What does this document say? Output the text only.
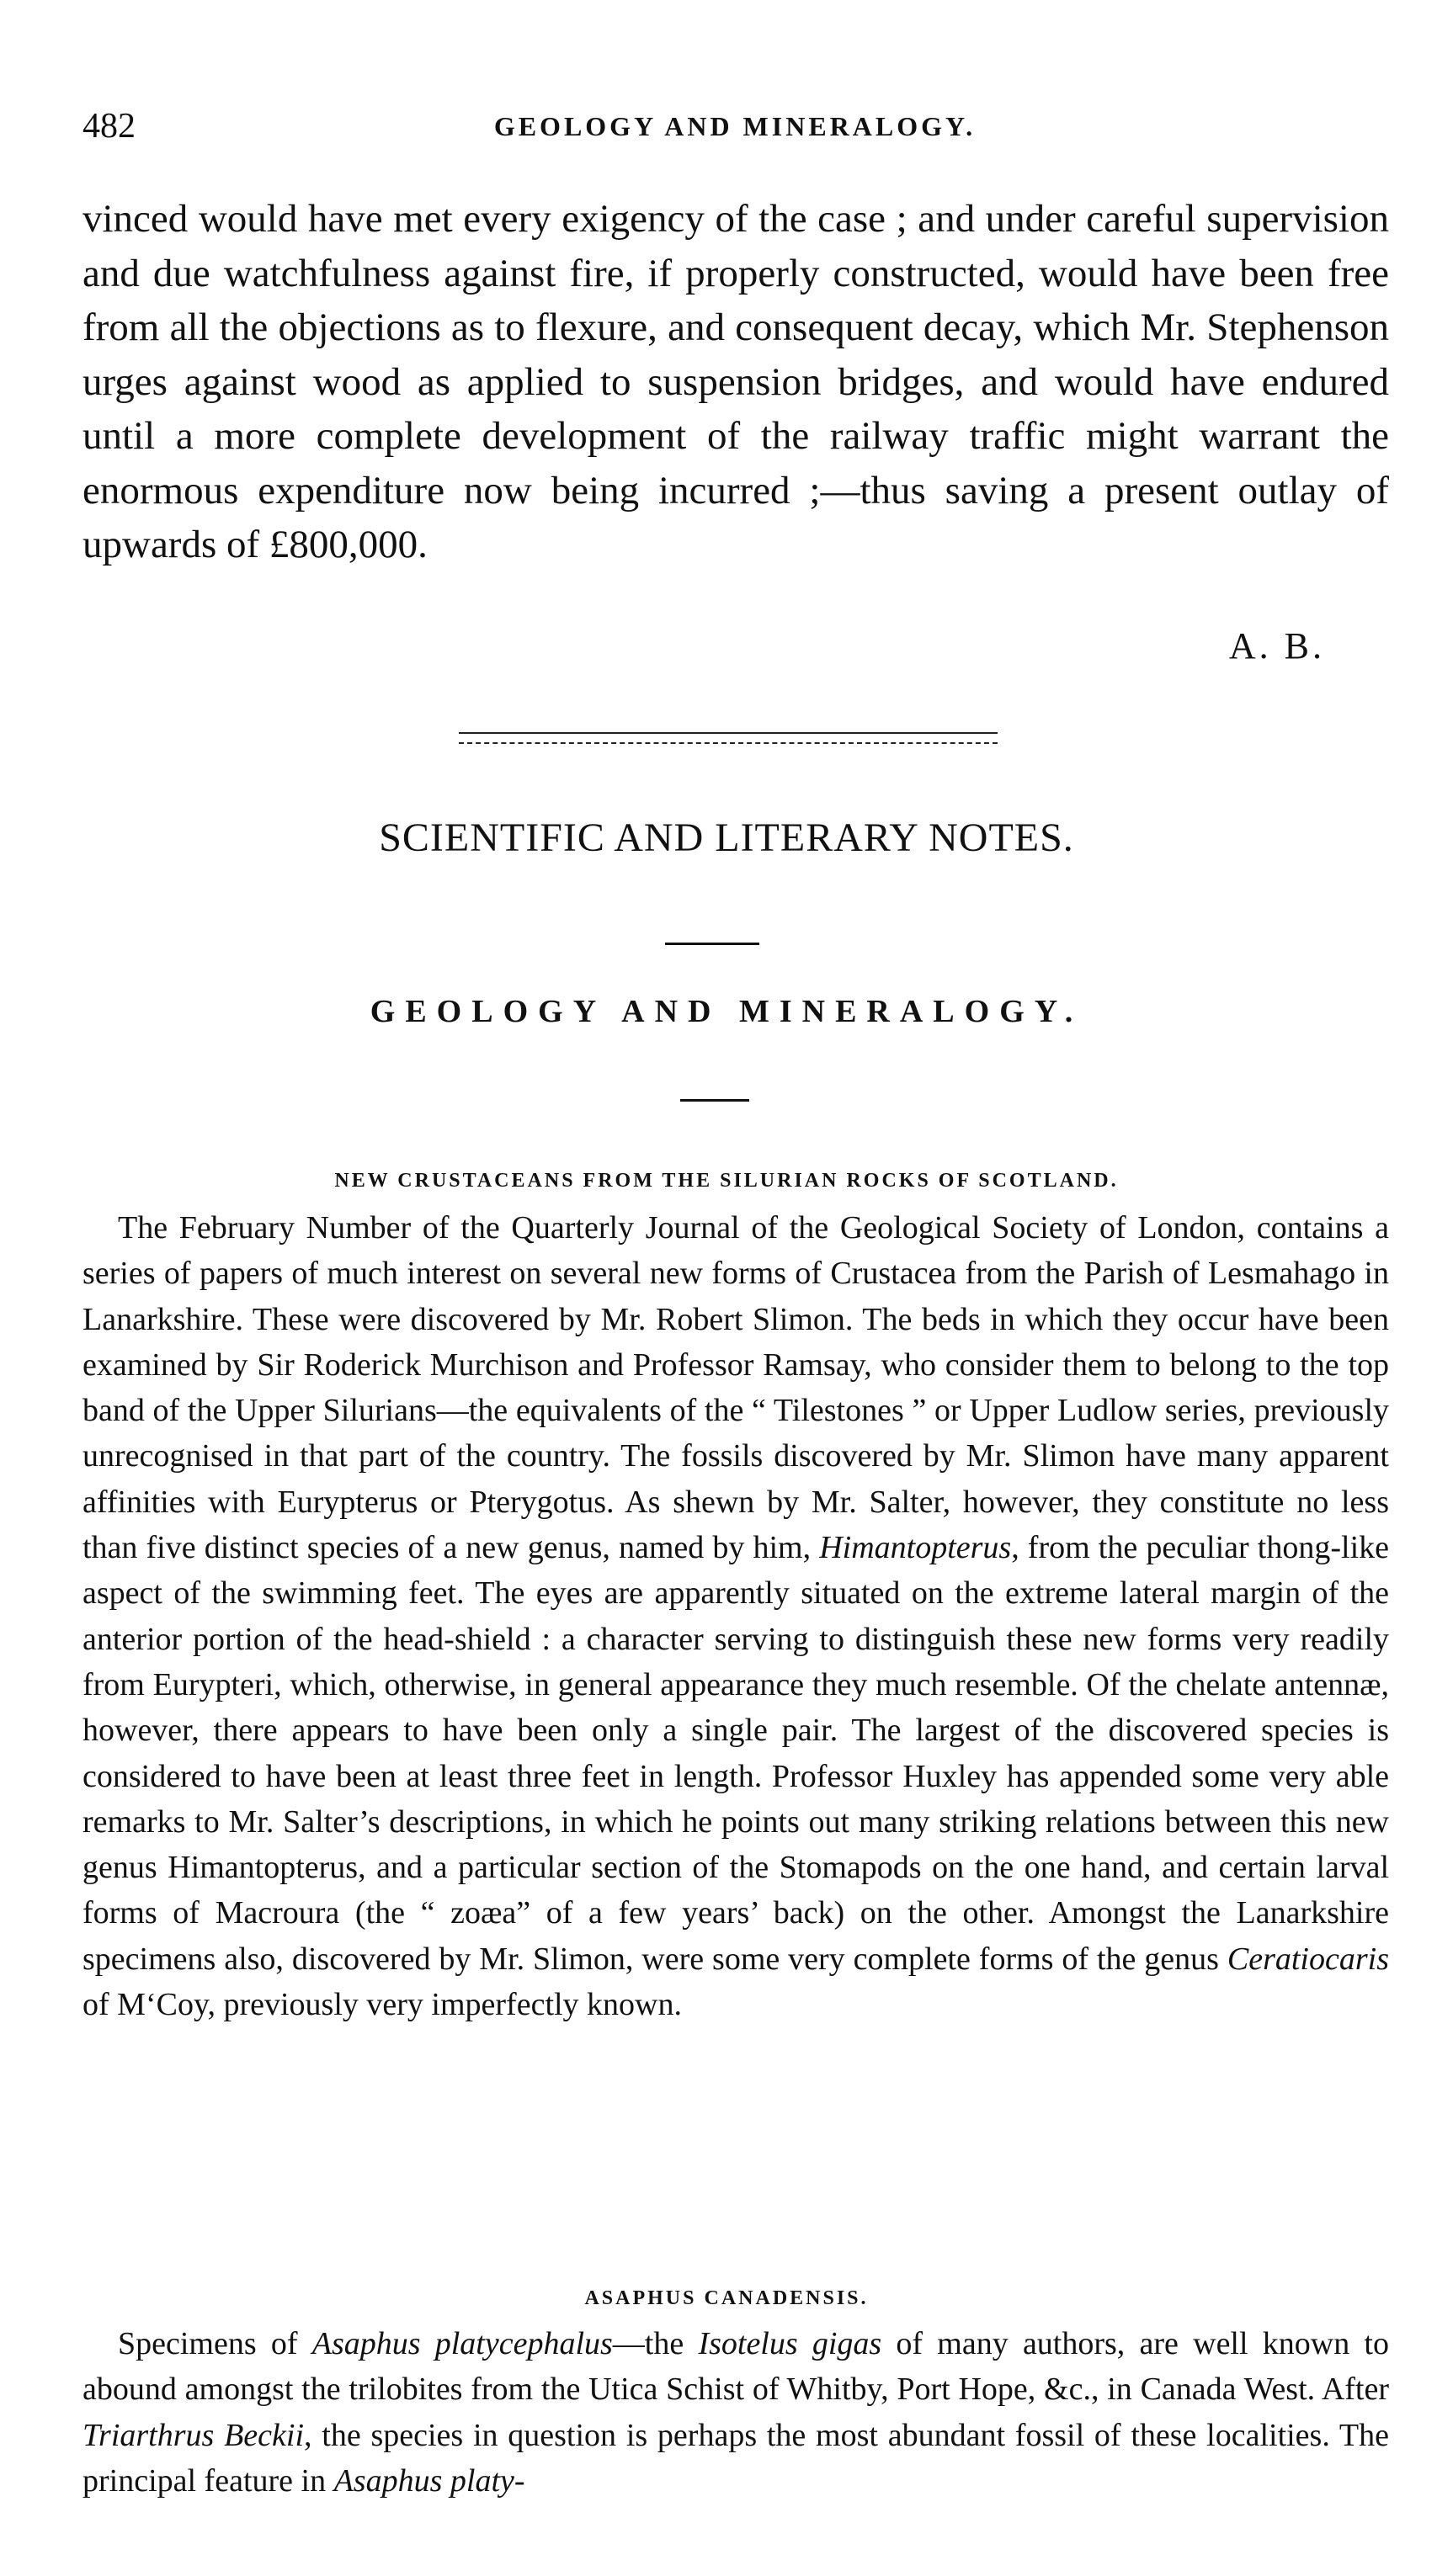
482	GEOLOGY AND MINERALOGY.
vinced would have met every exigency of the case ; and under careful supervision and due watchfulness against fire, if properly constructed, would have been free from all the objections as to flexure, and consequent decay, which Mr. Stephenson urges against wood as applied to suspension bridges, and would have endured until a more complete development of the railway traffic might warrant the enormous expenditure now being incurred ;—thus saving a present outlay of upwards of £800,000.
A. B.
SCIENTIFIC AND LITERARY NOTES.
GEOLOGY AND MINERALOGY.
NEW CRUSTACEANS FROM THE SILURIAN ROCKS OF SCOTLAND.

The February Number of the Quarterly Journal of the Geological Society of London, contains a series of papers of much interest on several new forms of Crustacea from the Parish of Lesmahago in Lanarkshire. These were discovered by Mr. Robert Slimon. The beds in which they occur have been examined by Sir Roderick Murchison and Professor Ramsay, who consider them to belong to the top band of the Upper Silurians—the equivalents of the “ Tilestones ” or Upper Ludlow series, previously unrecognised in that part of the country. The fossils discovered by Mr. Slimon have many apparent affinities with Eurypterus or Pterygotus. As shewn by Mr. Salter, however, they constitute no less than five distinct species of a new genus, named by him, Himantopterus, from the peculiar thong-like aspect of the swimming feet. The eyes are apparently situated on the extreme lateral margin of the anterior portion of the head-shield : a character serving to distinguish these new forms very readily from Eurypteri, which, otherwise, in general appearance they much resemble. Of the chelate antennæ, however, there appears to have been only a single pair. The largest of the discovered species is considered to have been at least three feet in length. Professor Huxley has appended some very able remarks to Mr. Salter’s descriptions, in which he points out many striking relations between this new genus Himantopterus, and a particular section of the Stomapods on the one hand, and certain larval forms of Macroura (the “ zoæa” of a few years’ back) on the other. Amongst the Lanarkshire specimens also, discovered by Mr. Slimon, were some very complete forms of the genus Ceratiocaris of M‘Coy, previously very imperfectly known.

ASAPHUS CANADENSIS.

Specimens of Asaphus platycephalus—the Isotelus gigas of many authors, are well known to abound amongst the trilobites from the Utica Schist of Whitby, Port Hope, &c., in Canada West. After Triarthrus Beckii, the species in question is perhaps the most abundant fossil of these localities. The principal feature in Asaphus platy-
